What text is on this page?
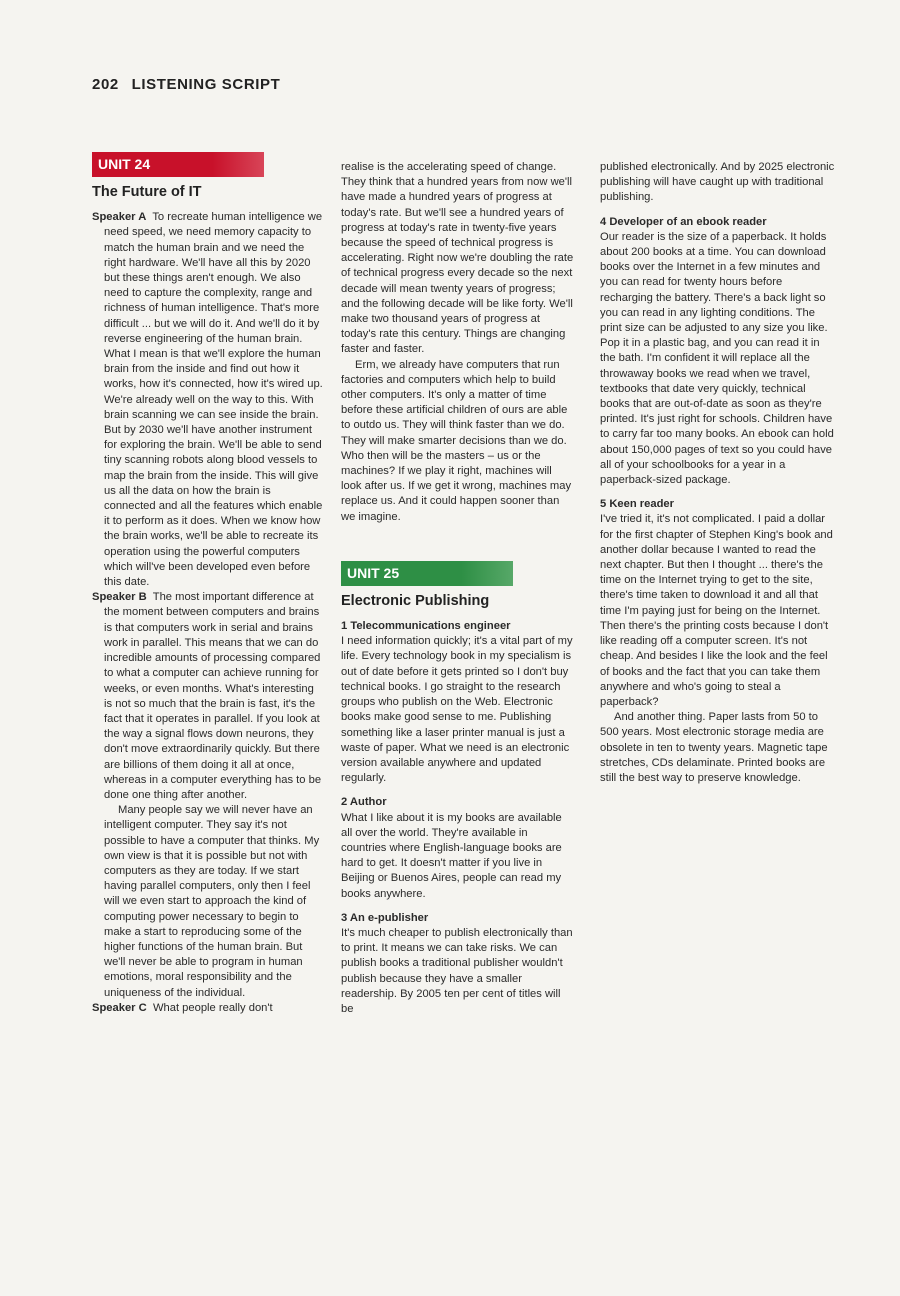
202 LISTENING SCRIPT
UNIT 24
The Future of IT

Speaker A To recreate human intelligence we need speed, we need memory capacity to match the human brain and we need the right hardware. We'll have all this by 2020 but these things aren't enough. We also need to capture the complexity, range and richness of human intelligence. That's more difficult ... but we will do it. And we'll do it by reverse engineering of the human brain. What I mean is that we'll explore the human brain from the inside and find out how it works, how it's connected, how it's wired up. We're already well on the way to this. With brain scanning we can see inside the brain. But by 2030 we'll have another instrument for exploring the brain. We'll be able to send tiny scanning robots along blood vessels to map the brain from the inside. This will give us all the data on how the brain is connected and all the features which enable it to perform as it does. When we know how the brain works, we'll be able to recreate its operation using the powerful computers which will've been developed even before this date.

Speaker B The most important difference at the moment between computers and brains is that computers work in serial and brains work in parallel. This means that we can do incredible amounts of processing compared to what a computer can achieve running for weeks, or even months. What's interesting is not so much that the brain is fast, it's the fact that it operates in parallel. If you look at the way a signal flows down neurons, they don't move extraordinarily quickly. But there are billions of them doing it all at once, whereas in a computer everything has to be done one thing after another.

Many people say we will never have an intelligent computer. They say it's not possible to have a computer that thinks. My own view is that it is possible but not with computers as they are today. If we start having parallel computers, only then I feel will we even start to approach the kind of computing power necessary to begin to make a start to reproducing some of the higher functions of the human brain. But we'll never be able to program in human emotions, moral responsibility and the uniqueness of the individual.

Speaker C What people really don't

realise is the accelerating speed of change. They think that a hundred years from now we'll have made a hundred years of progress at today's rate. But we'll see a hundred years of progress at today's rate in twenty-five years because the speed of technical progress is accelerating. Right now we're doubling the rate of technical progress every decade so the next decade will mean twenty years of progress; and the following decade will be like forty. We'll make two thousand years of progress at today's rate this century. Things are changing faster and faster.

Erm, we already have computers that run factories and computers which help to build other computers. It's only a matter of time before these artificial children of ours are able to outdo us. They will think faster than we do. They will make smarter decisions than we do. Who then will be the masters – us or the machines? If we play it right, machines will look after us. If we get it wrong, machines may replace us. And it could happen sooner than we imagine.

UNIT 25
Electronic Publishing

1 Telecommunications engineer

I need information quickly; it's a vital part of my life. Every technology book in my specialism is out of date before it gets printed so I don't buy technical books. I go straight to the research groups who publish on the Web. Electronic books make good sense to me. Publishing something like a laser printer manual is just a waste of paper. What we need is an electronic version available anywhere and updated regularly.

2 Author

What I like about it is my books are available all over the world. They're available in countries where English-language books are hard to get. It doesn't matter if you live in Beijing or Buenos Aires, people can read my books anywhere.

3 An e-publisher

It's much cheaper to publish electronically than to print. It means we can take risks. We can publish books a traditional publisher wouldn't publish because they have a smaller readership. By 2005 ten per cent of titles will be

published electronically. And by 2025 electronic publishing will have caught up with traditional publishing.

4 Developer of an ebook reader

Our reader is the size of a paperback. It holds about 200 books at a time. You can download books over the Internet in a few minutes and you can read for twenty hours before recharging the battery. There's a back light so you can read in any lighting conditions. The print size can be adjusted to any size you like. Pop it in a plastic bag, and you can read it in the bath. I'm confident it will replace all the throwaway books we read when we travel, textbooks that date very quickly, technical books that are out-of-date as soon as they're printed. It's just right for schools. Children have to carry far too many books. An ebook can hold about 150,000 pages of text so you could have all of your schoolbooks for a year in a paperback-sized package.

5 Keen reader

I've tried it, it's not complicated. I paid a dollar for the first chapter of Stephen King's book and another dollar because I wanted to read the next chapter. But then I thought ... there's the time on the Internet trying to get to the site, there's time taken to download it and all that time I'm paying just for being on the Internet. Then there's the printing costs because I don't like reading off a computer screen. It's not cheap. And besides I like the look and the feel of books and the fact that you can take them anywhere and who's going to steal a paperback?

And another thing. Paper lasts from 50 to 500 years. Most electronic storage media are obsolete in ten to twenty years. Magnetic tape stretches, CDs delaminate. Printed books are still the best way to preserve knowledge.
